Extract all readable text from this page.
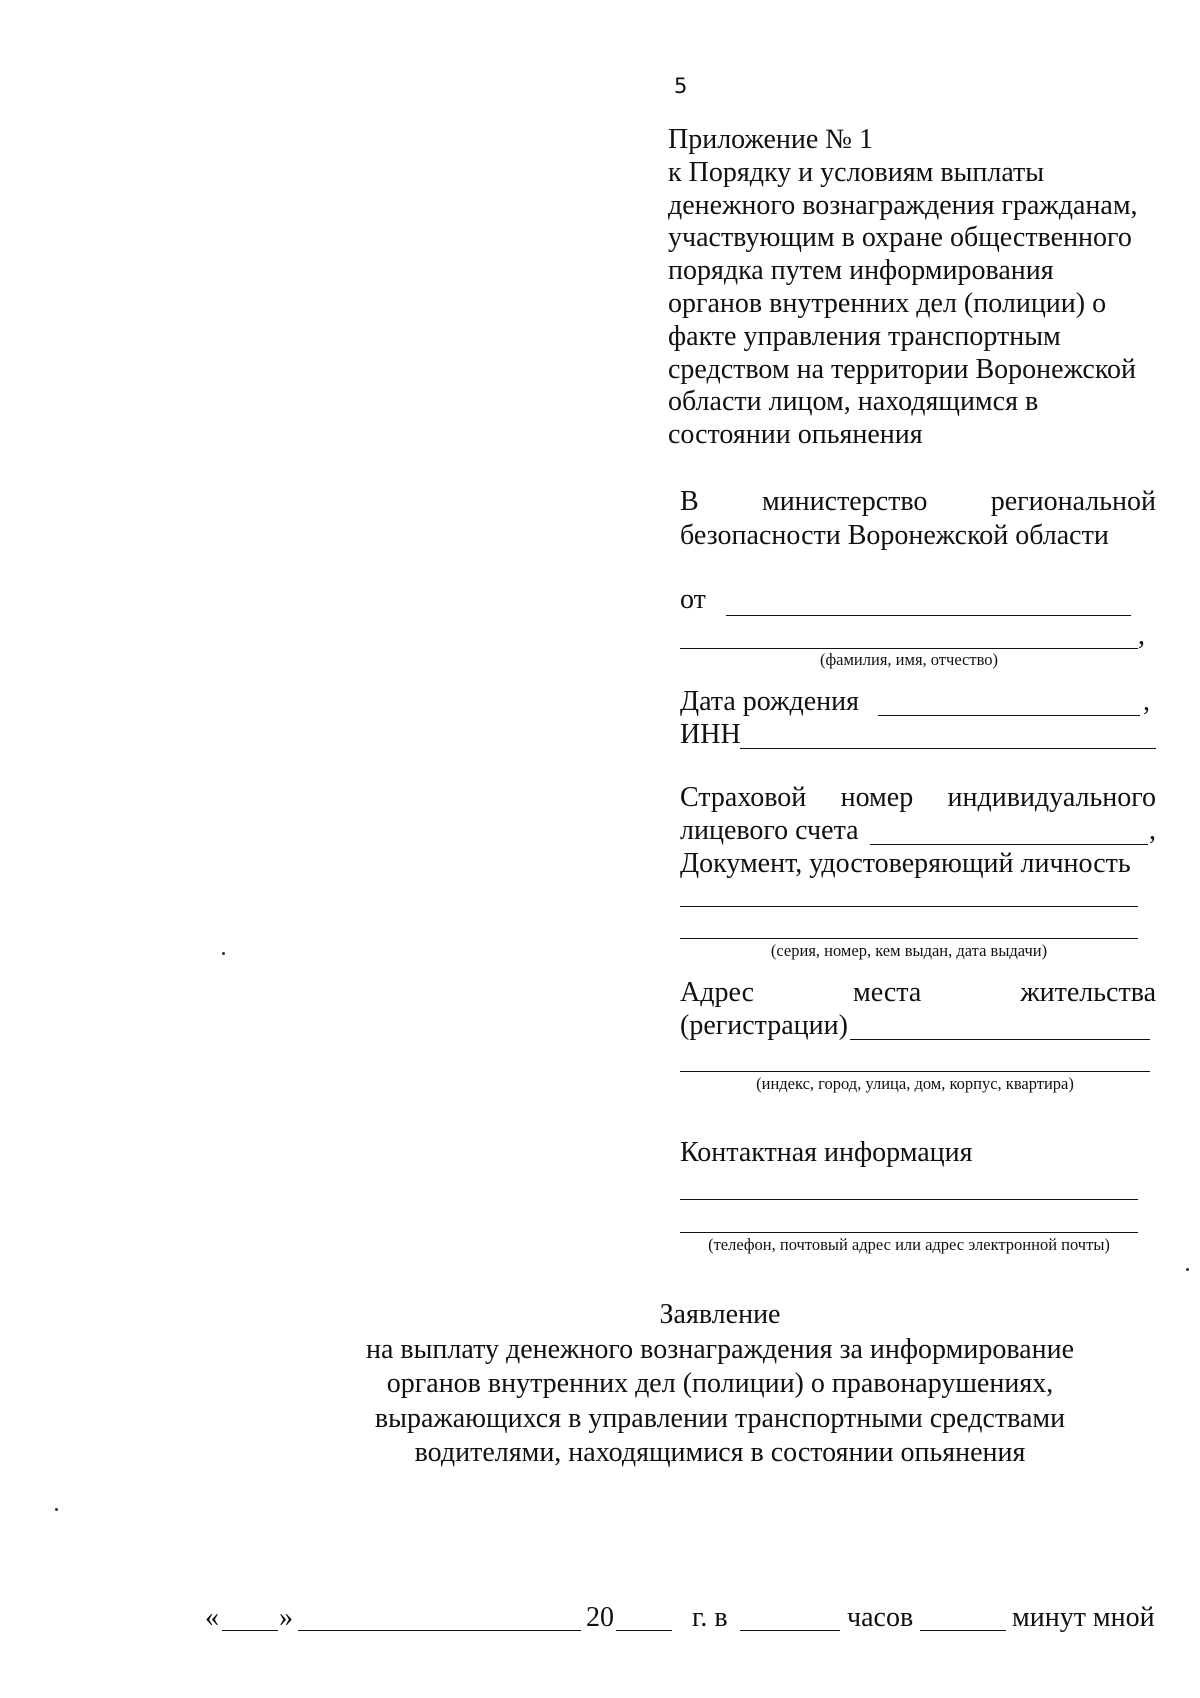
5
Приложение № 1
к Порядку и условиям выплаты
денежного вознаграждения гражданам,
участвующим в охране общественного
порядка путем информирования
органов внутренних дел (полиции) о
факте управления транспортным
средством на территории Воронежской
области лицом, находящимся в
состоянии опьянения
В министерство региональной
безопасности Воронежской области
от
,
(фамилия, имя, отчество)
Дата рождения	,
ИНН
Страховой номер индивидуального
лицевого счета	,
Документ, удостоверяющий личность
(серия, номер, кем выдан, дата выдачи)
Адрес	места	жительства
(регистрации)
(индекс, город, улица, дом, корпус, квартира)
Контактная информация
(телефон, почтовый адрес или адрес электронной почты)
Заявление
на выплату денежного вознаграждения за информирование
органов внутренних дел (полиции) о правонарушениях,
выражающихся в управлении транспортными средствами
водителями, находящимися в состоянии опьянения
« »	20	г. в	часов	минут мной
